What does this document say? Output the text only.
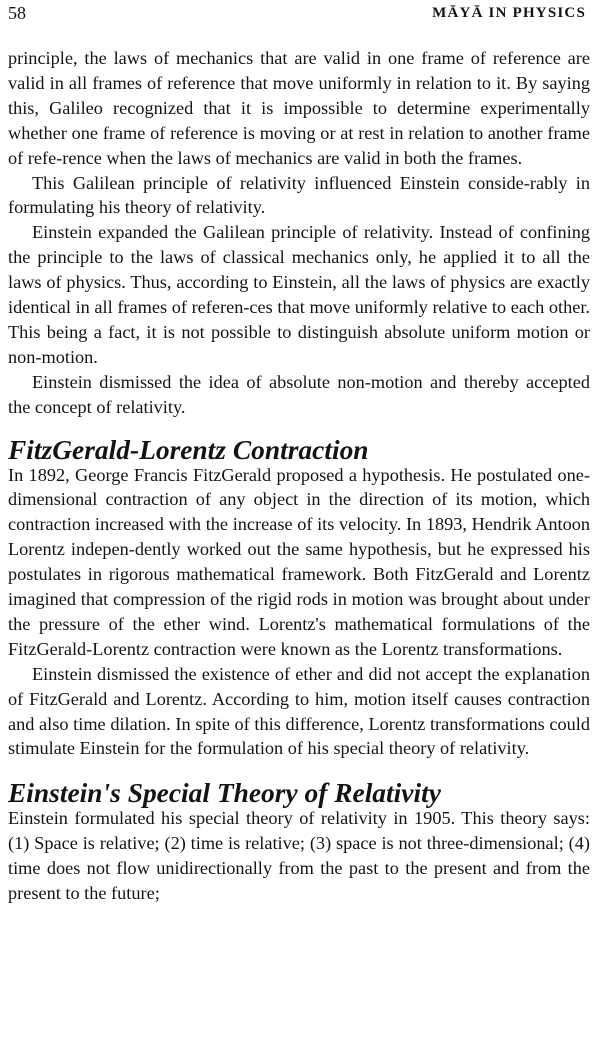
58	MĀYĀ IN PHYSICS

principle, the laws of mechanics that are valid in one frame of reference are valid in all frames of reference that move uniformly in relation to it. By saying this, Galileo recognized that it is impossible to determine experimentally whether one frame of reference is moving or at rest in relation to another frame of refe-rence when the laws of mechanics are valid in both the frames.

This Galilean principle of relativity influenced Einstein conside-rably in formulating his theory of relativity.

Einstein expanded the Galilean principle of relativity. Instead of confining the principle to the laws of classical mechanics only, he applied it to all the laws of physics. Thus, according to Einstein, all the laws of physics are exactly identical in all frames of referen-ces that move uniformly relative to each other. This being a fact, it is not possible to distinguish absolute uniform motion or non-motion.

Einstein dismissed the idea of absolute non-motion and thereby accepted the concept of relativity.

FitzGerald-Lorentz Contraction

In 1892, George Francis FitzGerald proposed a hypothesis. He postulated one-dimensional contraction of any object in the direction of its motion, which contraction increased with the increase of its velocity. In 1893, Hendrik Antoon Lorentz indepen-dently worked out the same hypothesis, but he expressed his postulates in rigorous mathematical framework. Both FitzGerald and Lorentz imagined that compression of the rigid rods in motion was brought about under the pressure of the ether wind. Lorentz's mathematical formulations of the FitzGerald-Lorentz contraction were known as the Lorentz transformations.

Einstein dismissed the existence of ether and did not accept the explanation of FitzGerald and Lorentz. According to him, motion itself causes contraction and also time dilation. In spite of this difference, Lorentz transformations could stimulate Einstein for the formulation of his special theory of relativity.

Einstein's Special Theory of Relativity

Einstein formulated his special theory of relativity in 1905. This theory says: (1) Space is relative; (2) time is relative; (3) space is not three-dimensional; (4) time does not flow unidirectionally from the past to the present and from the present to the future;
